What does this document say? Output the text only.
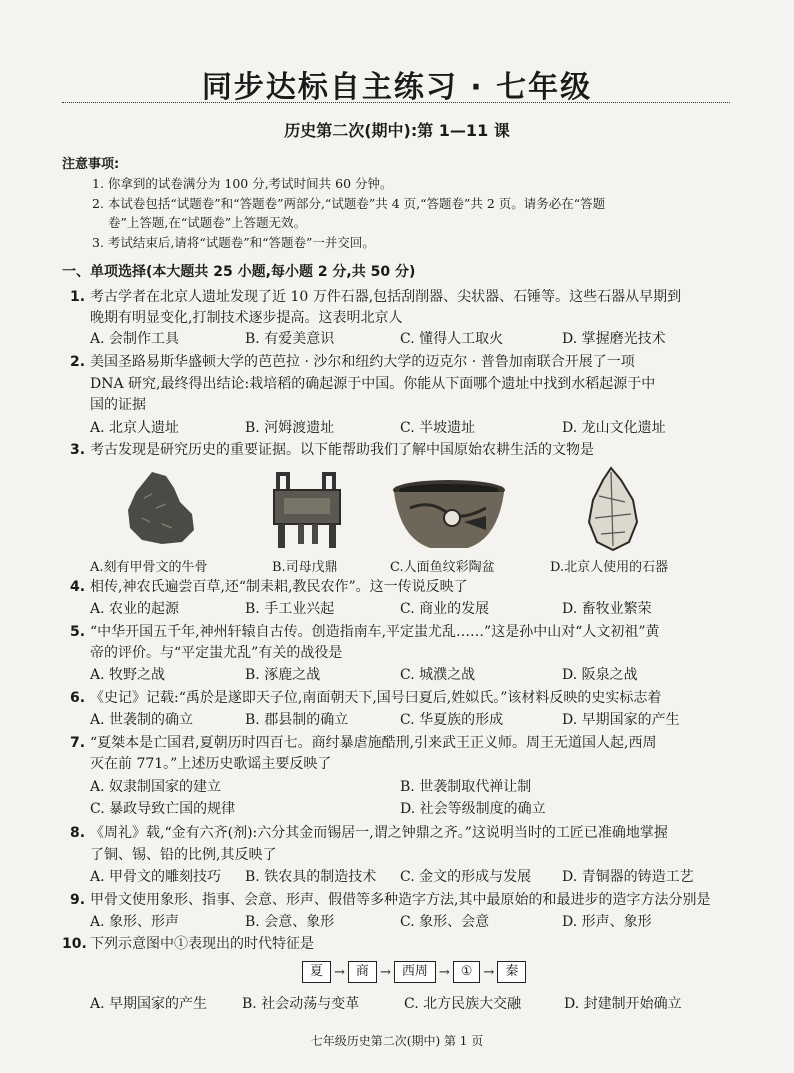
同步达标自主练习 · 七年级
历史第二次(期中):第 1—11 课
注意事项:
1. 你拿到的试卷满分为 100 分,考试时间共 60 分钟。
2. 本试卷包括“试题卷”和“答题卷”两部分,“试题卷”共 4 页,“答题卷”共 2 页。请务必在“答题
卷”上答题,在“试题卷”上答题无效。
3. 考试结束后,请将“试题卷”和“答题卷”一并交回。
一、单项选择(本大题共 25 小题,每小题 2 分,共 50 分)
1. 考古学者在北京人遗址发现了近 10 万件石器,包括刮削器、尖状器、石锤等。这些石器从早期到
晚期有明显变化,打制技术逐步提高。这表明北京人
A. 会制作工具	B. 有爱美意识	C. 懂得人工取火	D. 掌握磨光技术
2. 美国圣路易斯华盛顿大学的芭芭拉 · 沙尔和纽约大学的迈克尔 · 普鲁加南联合开展了一项
DNA 研究,最终得出结论:栽培稻的确起源于中国。你能从下面哪个遗址中找到水稻起源于中
国的证据
A. 北京人遗址	B. 河姆渡遗址	C. 半坡遗址	D. 龙山文化遗址
3. 考古发现是研究历史的重要证据。以下能帮助我们了解中国原始农耕生活的文物是
A.刻有甲骨文的牛骨	B.司母戊鼎	C.人面鱼纹彩陶盆	D.北京人使用的石器
4. 相传,神农氏遍尝百草,还“制耒耜,教民农作”。这一传说反映了
A. 农业的起源	B. 手工业兴起	C. 商业的发展	D. 畜牧业繁荣
5. “中华开国五千年,神州轩辕自古传。创造指南车,平定蚩尤乱……”这是孙中山对“人文初祖”黄
帝的评价。与“平定蚩尤乱”有关的战役是
A. 牧野之战	B. 涿鹿之战	C. 城濮之战	D. 阪泉之战
6. 《史记》记载:“禹於是遂即天子位,南面朝天下,国号曰夏后,姓姒氏。”该材料反映的史实标志着
A. 世袭制的确立	B. 郡县制的确立	C. 华夏族的形成	D. 早期国家的产生
7. “夏桀本是亡国君,夏朝历时四百七。商纣暴虐施酷刑,引来武王正义师。周王无道国人起,西周
灭在前 771。”上述历史歌谣主要反映了
A. 奴隶制国家的建立	B. 世袭制取代禅让制
C. 暴政导致亡国的规律	D. 社会等级制度的确立
8. 《周礼》载,“金有六齐(剂):六分其金而锡居一,谓之钟鼎之齐。”这说明当时的工匠已准确地掌握
了铜、锡、铅的比例,其反映了
A. 甲骨文的雕刻技巧 B. 铁农具的制造技术 C. 金文的形成与发展 D. 青铜器的铸造工艺
9. 甲骨文使用象形、指事、会意、形声、假借等多种造字方法,其中最原始的和最进步的造字方法分别是
A. 象形、形声	B. 会意、象形	C. 象形、会意	D. 形声、象形
10. 下列示意图中①表现出的时代特征是
夏 → 商 → 西周 → ① → 秦
A. 早期国家的产生 B. 社会动荡与变革	C. 北方民族大交融	D. 封建制开始确立
七年级历史第二次(期中) 第 1 页
